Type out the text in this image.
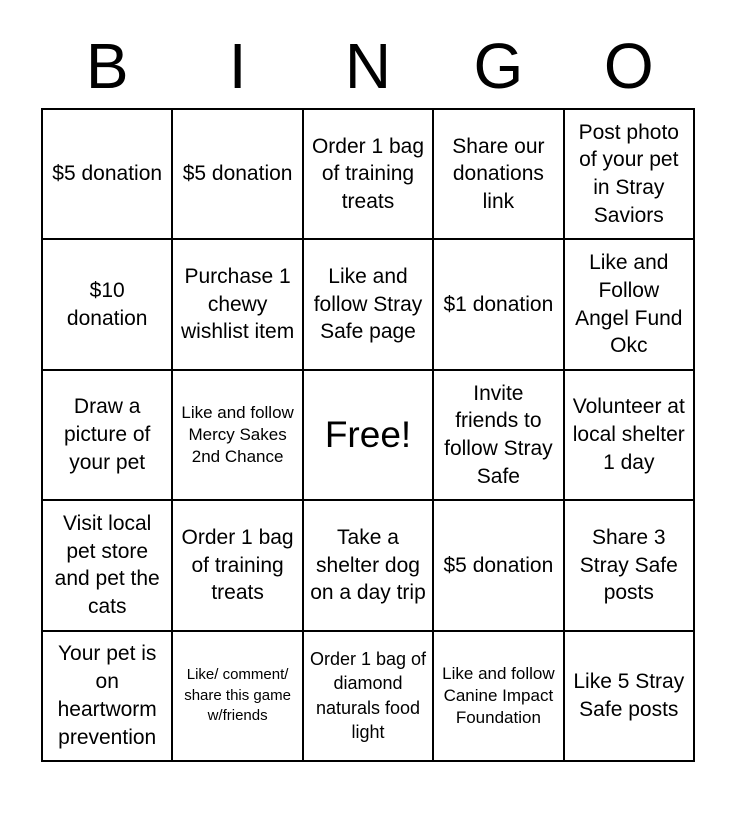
B	I	N	G	O
$5 donation $5 donation
Order 1 bag of training treats
Share our donations link
Post photo of your pet in Stray Saviors
$10 donation
Purchase 1 chewy wishlist item
Like and follow Stray Safe page
$1 donation
Like and Follow Angel Fund Okc
Draw a picture of your pet
Like and follow Mercy Sakes 2nd Chance
Free!
Invite friends to follow Stray Safe
Volunteer at local shelter 1 day
Visit local pet store and pet the cats
Order 1 bag of training treats
Take a shelter dog on a day trip
$5 donation
Share 3 Stray Safe posts
Your pet is on heartworm prevention
Like/ comment/ share this game w/friends
Order 1 bag of diamond naturals food light
Like and follow Canine Impact Foundation
Like 5 Stray Safe posts
